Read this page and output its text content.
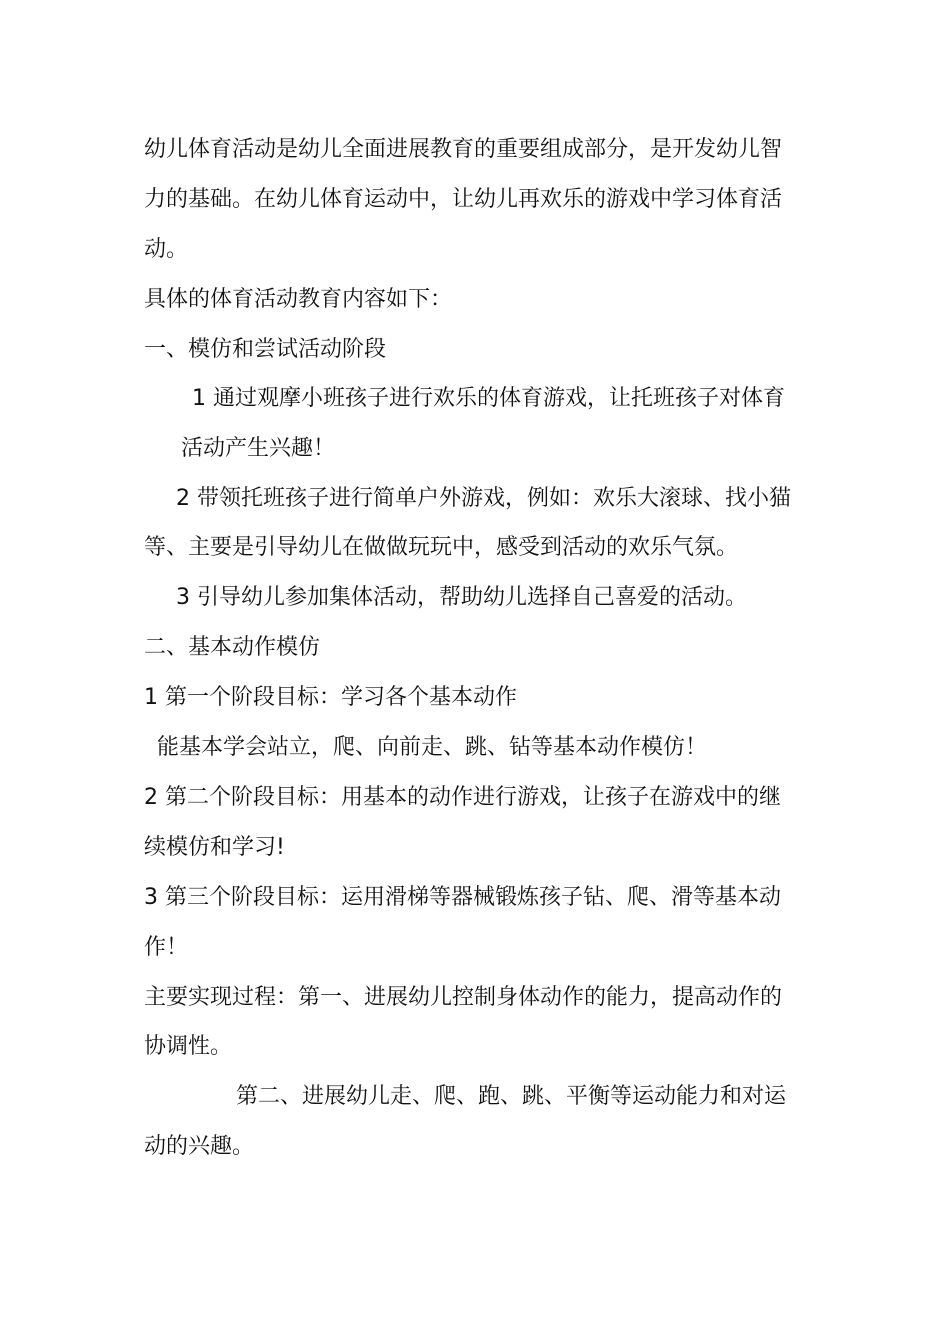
幼儿体育活动是幼儿全面进展教育的重要组成部分，是开发幼儿智
力的基础。在幼儿体育运动中，让幼儿再欢乐的游戏中学习体育活
动。
具体的体育活动教育内容如下：
一、模仿和尝试活动阶段
1 通过观摩小班孩子进行欢乐的体育游戏，让托班孩子对体育
活动产生兴趣！
2 带领托班孩子进行简单户外游戏，例如：欢乐大滚球、找小猫
等、主要是引导幼儿在做做玩玩中，感受到活动的欢乐气氛。
3 引导幼儿参加集体活动，帮助幼儿选择自己喜爱的活动。
二、基本动作模仿
1 第一个阶段目标：学习各个基本动作
能基本学会站立，爬、向前走、跳、钻等基本动作模仿！
2 第二个阶段目标：用基本的动作进行游戏，让孩子在游戏中的继
续模仿和学习!
3 第三个阶段目标：运用滑梯等器械锻炼孩子钻、爬、滑等基本动
作！
主要实现过程：第一、进展幼儿控制身体动作的能力，提高动作的
协调性。
第二、进展幼儿走、爬、跑、跳、平衡等运动能力和对运
动的兴趣。
